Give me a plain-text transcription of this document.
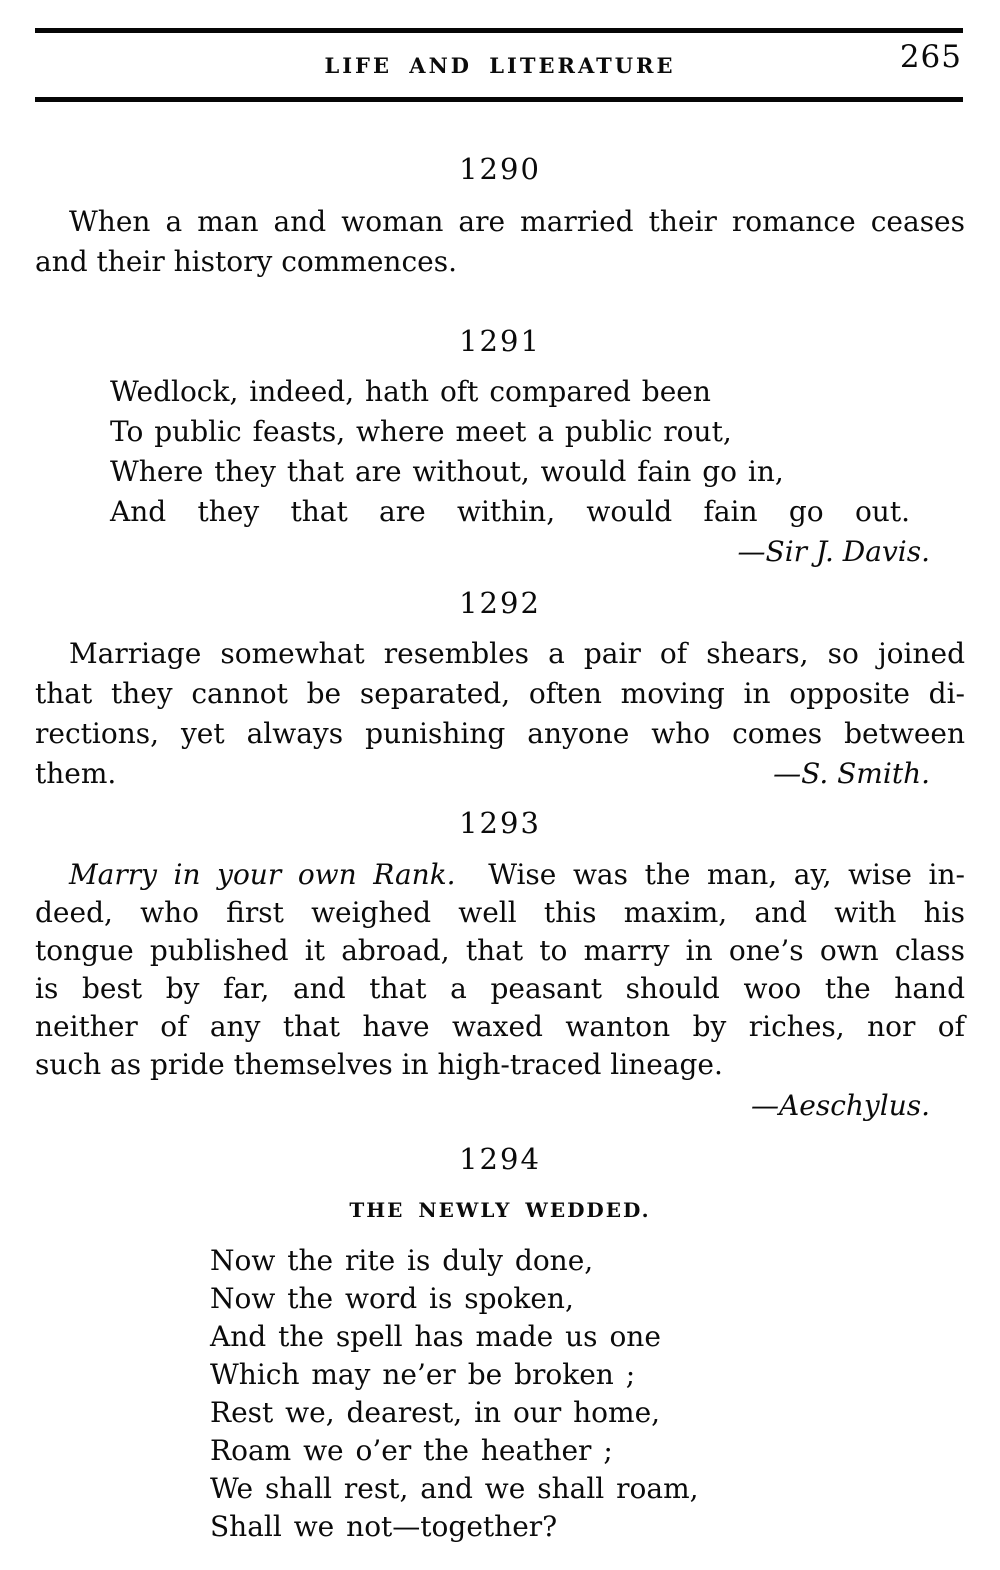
LIFE AND LITERATURE	265
1290
When a man and woman are married their romance ceases
and their history commences.
1291
Wedlock, indeed, hath oft compared been
To public feasts, where meet a public rout,
Where they that are without, would fain go in,
And they that are within, would fain go out.
—Sir J. Davis.
1292
Marriage somewhat resembles a pair of shears, so joined
that they cannot be separated, often moving in opposite di-
rections, yet always punishing anyone who comes between
them.	—S. Smith.
1293
Marry in your own Rank. Wise was the man, ay, wise in-
deed, who first weighed well this maxim, and with his
tongue published it abroad, that to marry in one’s own class
is best by far, and that a peasant should woo the hand
neither of any that have waxed wanton by riches, nor of
such as pride themselves in high-traced lineage.
—Aeschylus.
1294
THE NEWLY WEDDED.
Now the rite is duly done,
Now the word is spoken,
And the spell has made us one
Which may ne’er be broken ;
Rest we, dearest, in our home,
Roam we o’er the heather ;
We shall rest, and we shall roam,
Shall we not—together?
